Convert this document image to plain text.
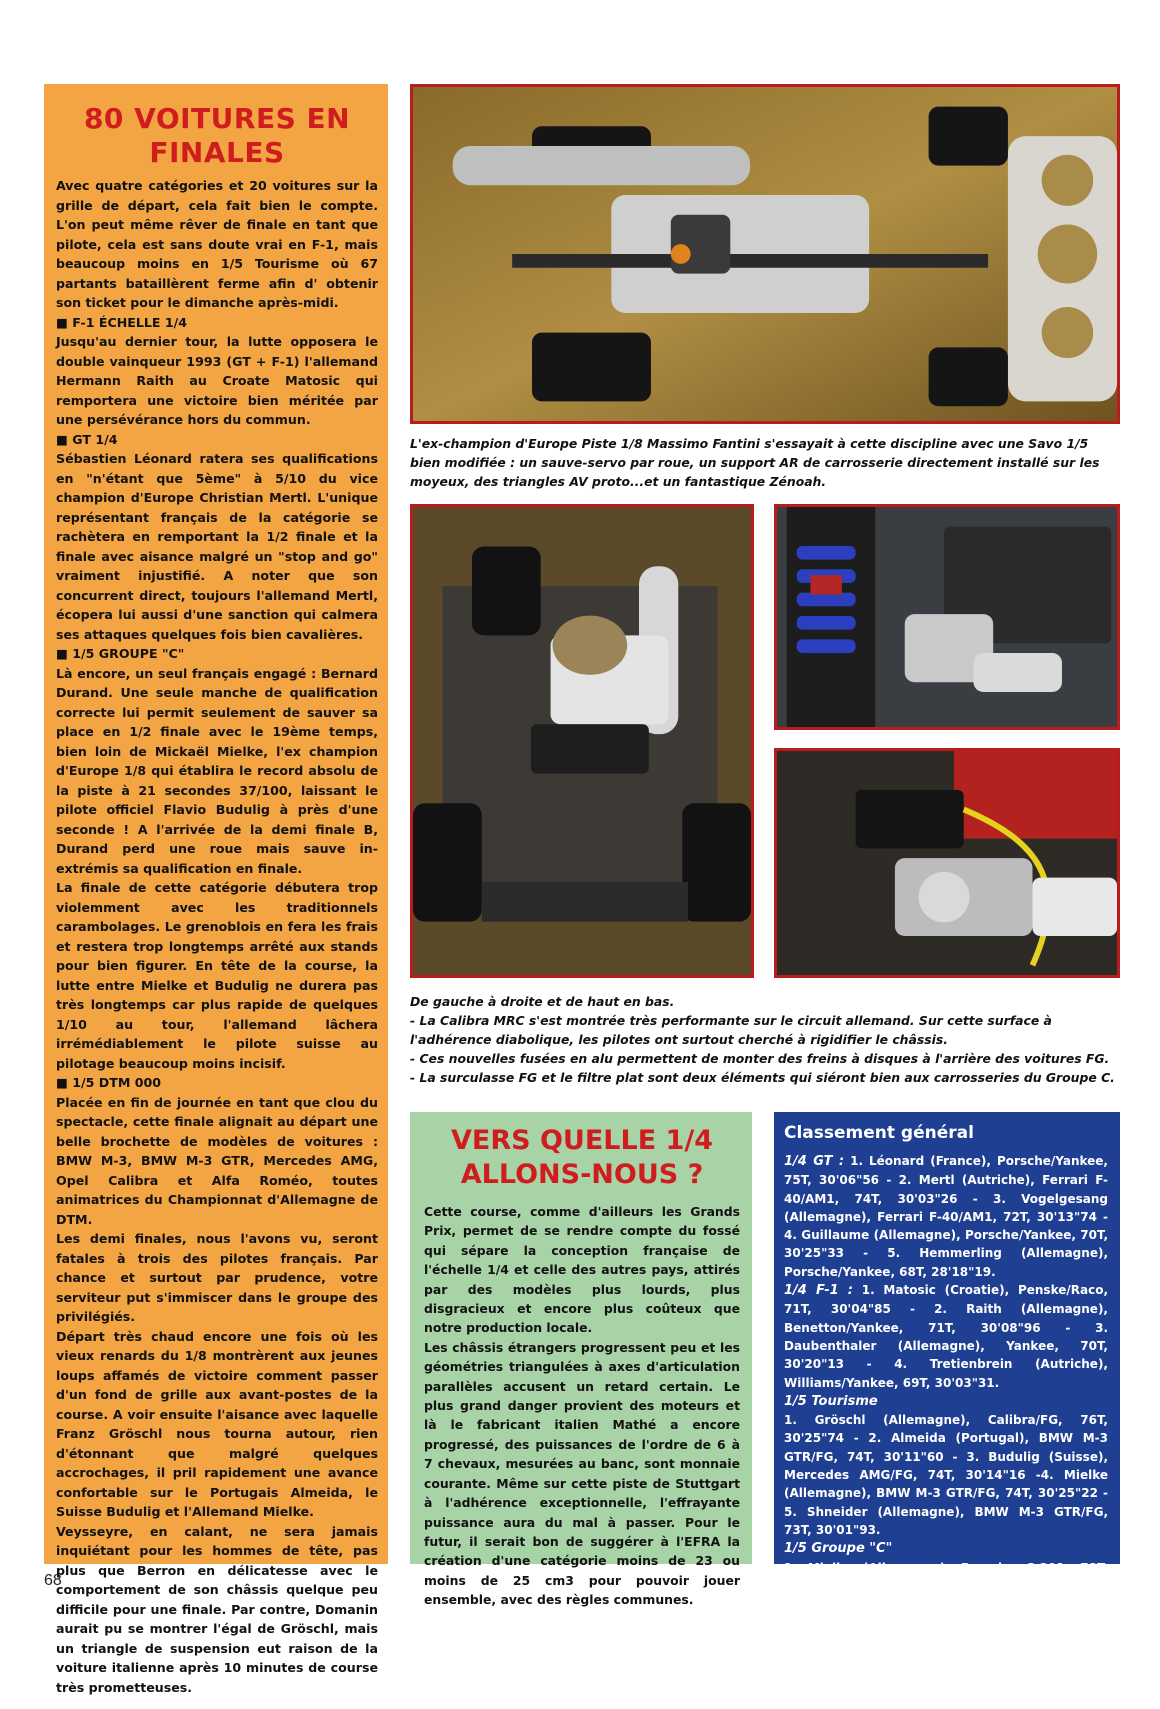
80 VOITURES EN FINALES

Avec quatre catégories et 20 voitures sur la grille de départ, cela fait bien le compte. L'on peut même rêver de finale en tant que pilote, cela est sans doute vrai en F-1, mais beaucoup moins en 1/5 Tourisme où 67 partants bataillèrent ferme afin d' obtenir son ticket pour le dimanche après-midi.

■ F-1 ÉCHELLE 1/4

Jusqu'au dernier tour, la lutte opposera le double vainqueur 1993 (GT + F-1) l'allemand Hermann Raith au Croate Matosic qui remportera une victoire bien méritée par une persévérance hors du commun.

■ GT 1/4

Sébastien Léonard ratera ses qualifications en "n'étant que 5ème" à 5/10 du vice champion d'Europe Christian Mertl. L'unique représentant français de la catégorie se rachètera en remportant la 1/2 finale et la finale avec aisance malgré un "stop and go" vraiment injustifié. A noter que son concurrent direct, toujours l'allemand Mertl, écopera lui aussi d'une sanction qui calmera ses attaques quelques fois bien cavalières.

■ 1/5 GROUPE "C"

Là encore, un seul français engagé : Bernard Durand. Une seule manche de qualification correcte lui permit seulement de sauver sa place en 1/2 finale avec le 19ème temps, bien loin de Mickaël Mielke, l'ex champion d'Europe 1/8 qui établira le record absolu de la piste à 21 secondes 37/100, laissant le pilote officiel Flavio Budulig à près d'une seconde ! A l'arrivée de la demi finale B, Durand perd une roue mais sauve in-extrémis sa qualification en finale.

La finale de cette catégorie débutera trop violemment avec les traditionnels carambolages. Le grenoblois en fera les frais et restera trop longtemps arrêté aux stands pour bien figurer. En tête de la course, la lutte entre Mielke et Budulig ne durera pas très longtemps car plus rapide de quelques 1/10 au tour, l'allemand lâchera irrémédiablement le pilote suisse au pilotage beaucoup moins incisif.

■ 1/5 DTM 000

Placée en fin de journée en tant que clou du spectacle, cette finale alignait au départ une belle brochette de modèles de voitures : BMW M-3, BMW M-3 GTR, Mercedes AMG, Opel Calibra et Alfa Roméo, toutes animatrices du Championnat d'Allemagne de DTM.

Les demi finales, nous l'avons vu, seront fatales à trois des pilotes français. Par chance et surtout par prudence, votre serviteur put s'immiscer dans le groupe des privilégiés.

Départ très chaud encore une fois où les vieux renards du 1/8 montrèrent aux jeunes loups affamés de victoire comment passer d'un fond de grille aux avant-postes de la course. A voir ensuite l'aisance avec laquelle Franz Gröschl nous tourna autour, rien d'étonnant que malgré quelques accrochages, il pril rapidement une avance confortable sur le Portugais Almeida, le Suisse Budulig et l'Allemand Mielke.

Veysseyre, en calant, ne sera jamais inquiétant pour les hommes de tête, pas plus que Berron en délicatesse avec le comportement de son châssis quelque peu difficile pour une finale. Par contre, Domanin aurait pu se montrer l'égal de Gröschl, mais un triangle de suspension eut raison de la voiture italienne après 10 minutes de course très prometteuses.

L'ex-champion d'Europe Piste 1/8 Massimo Fantini s'essayait à cette discipline avec une Savo 1/5 bien modifiée : un sauve-servo par roue, un support AR de carrosserie directement installé sur les moyeux, des triangles AV proto...et un fantastique Zénoah.

De gauche à droite et de haut en bas.

- La Calibra MRC s'est montrée très performante sur le circuit allemand. Sur cette surface à l'adhérence diabolique, les pilotes ont surtout cherché à rigidifier le châssis.

- Ces nouvelles fusées en alu permettent de monter des freins à disques à l'arrière des voitures FG.

- La surculasse FG et le filtre plat sont deux éléments qui siéront bien aux carrosseries du Groupe C.

VERS QUELLE 1/4 ALLONS-NOUS ?

Cette course, comme d'ailleurs les Grands Prix, permet de se rendre compte du fossé qui sépare la conception française de l'échelle 1/4 et celle des autres pays, attirés par des modèles plus lourds, plus disgracieux et encore plus coûteux que notre production locale.

Les châssis étrangers progressent peu et les géométries triangulées à axes d'articulation parallèles accusent un retard certain. Le plus grand danger provient des moteurs et là le fabricant italien Mathé a encore progressé, des puissances de l'ordre de 6 à 7 chevaux, mesurées au banc, sont monnaie courante. Même sur cette piste de Stuttgart à l'adhérence exceptionnelle, l'effrayante puissance aura du mal à passer. Pour le futur, il serait bon de suggérer à l'EFRA la création d'une catégorie moins de 23 ou moins de 25 cm3 pour pouvoir jouer ensemble, avec des règles communes.

Classement général

1/4 GT : 1. Léonard (France), Porsche/Yankee, 75T, 30'06"56 - 2. Mertl (Autriche), Ferrari F-40/AM1, 74T, 30'03"26 - 3. Vogelgesang (Allemagne), Ferrari F-40/AM1, 72T, 30'13"74 - 4. Guillaume (Allemagne), Porsche/Yankee, 70T, 30'25"33 - 5. Hemmerling (Allemagne), Porsche/Yankee, 68T, 28'18"19.

1/4 F-1 : 1. Matosic (Croatie), Penske/Raco, 71T, 30'04"85 - 2. Raith (Allemagne), Benetton/Yankee, 71T, 30'08"96 - 3. Daubenthaler (Allemagne), Yankee, 70T, 30'20"13 - 4. Tretienbrein (Autriche), Williams/Yankee, 69T, 30'03"31.

1/5 Tourisme
1. Gröschl (Allemagne), Calibra/FG, 76T, 30'25"74 - 2. Almeida (Portugal), BMW M-3 GTR/FG, 74T, 30'11"60 - 3. Budulig (Suisse), Mercedes AMG/FG, 74T, 30'14"16 -4. Mielke (Allemagne), BMW M-3 GTR/FG, 74T, 30'25"22 - 5. Shneider (Allemagne), BMW M-3 GTR/FG, 73T, 30'01"93.

1/5 Groupe "C"
1. Mielke (Allemagne), Porsche C-291, 78T, 30'21"21 - 2. Budulig (Suisse), Porsche C-291, 76T, 30'14"16 - 3. Vogel (Allemagne), Porsche C-291, 75T, 30'05"40 - 4. Gérhardt (Allemagne), Porsche C-291, 74T, 30'14"91 - 5. Reimers (Allemagne), Porsche C-291, 74T, 30'15"80.

NB : voir résultats des français dans Pêle-mêle, page 6.

68
